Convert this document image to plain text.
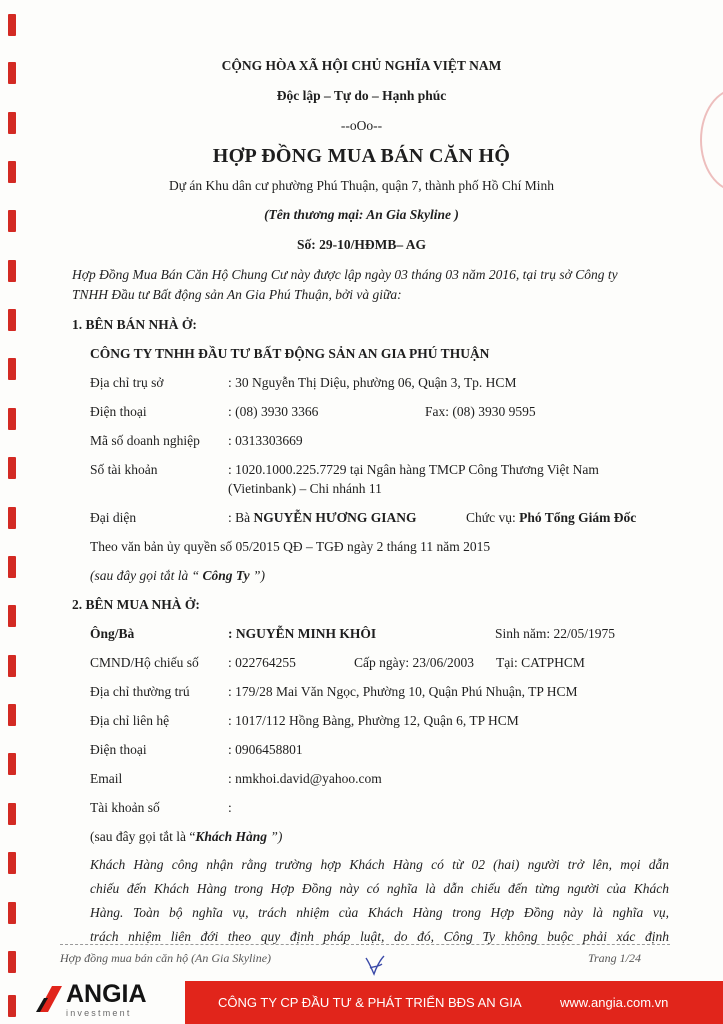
CỘNG HÒA XÃ HỘI CHỦ NGHĨA VIỆT NAM
Độc lập – Tự do – Hạnh phúc
--oOo--
HỢP ĐỒNG MUA BÁN CĂN HỘ
Dự án Khu dân cư phường Phú Thuận, quận 7, thành phố Hồ Chí Minh
(Tên thương mại: An Gia Skyline )
Số: 29-10/HĐMB– AG
Hợp Đồng Mua Bán Căn Hộ Chung Cư này được lập ngày 03 tháng 03 năm 2016, tại trụ sở Công ty
TNHH Đầu tư Bất động sản An Gia Phú Thuận, bởi và giữa:
1. BÊN BÁN NHÀ Ở:
CÔNG TY TNHH ĐẦU TƯ BẤT ĐỘNG SẢN AN GIA PHÚ THUẬN
Địa chỉ trụ sở	: 30 Nguyễn Thị Diệu, phường 06, Quận 3, Tp. HCM
Điện thoại	: (08) 3930 3366	Fax: (08) 3930 9595
Mã số doanh nghiệp : 0313303669
Số tài khoản	: 1020.1000.225.7729 tại Ngân hàng TMCP Công Thương Việt Nam
(Vietinbank) – Chi nhánh 11
Đại diện	: Bà NGUYỄN HƯƠNG GIANG	Chức vụ: Phó Tổng Giám Đốc
Theo văn bản ủy quyền số 05/2015 QĐ – TGĐ ngày 2 tháng 11 năm 2015
(sau đây gọi tắt là “ Công Ty ”)
2. BÊN MUA NHÀ Ở:
Ông/Bà	: NGUYỄN MINH KHÔI	Sinh năm: 22/05/1975
CMND/Hộ chiếu số : 022764255	Cấp ngày: 23/06/2003 Tại: CATPHCM
Địa chỉ thường trú	: 179/28 Mai Văn Ngọc, Phường 10, Quận Phú Nhuận, TP HCM
Địa chỉ liên hệ	: 1017/112 Hồng Bàng, Phường 12, Quận 6, TP HCM
Điện thoại	: 0906458801
Email	: nmkhoi.david@yahoo.com
Tài khoản số	:
(sau đây gọi tắt là “Khách Hàng ”)
Khách Hàng công nhận rằng trường hợp Khách Hàng có từ 02 (hai) người trở lên, mọi dẫn
chiếu đến Khách Hàng trong Hợp Đồng này có nghĩa là dẫn chiếu đến từng người của Khách
Hàng. Toàn bộ nghĩa vụ, trách nhiệm của Khách Hàng trong Hợp Đồng này là nghĩa vụ,
trách nhiệm liên đới theo quy định pháp luật, do đó, Công Ty không buộc phải xác định
Hợp đồng mua bán căn hộ (An Gia Skyline)	Trang 1/24
ANGIA
investment
CÔNG TY CP ĐẦU TƯ & PHÁT TRIỂN BĐS AN GIA	www.angia.com.vn
